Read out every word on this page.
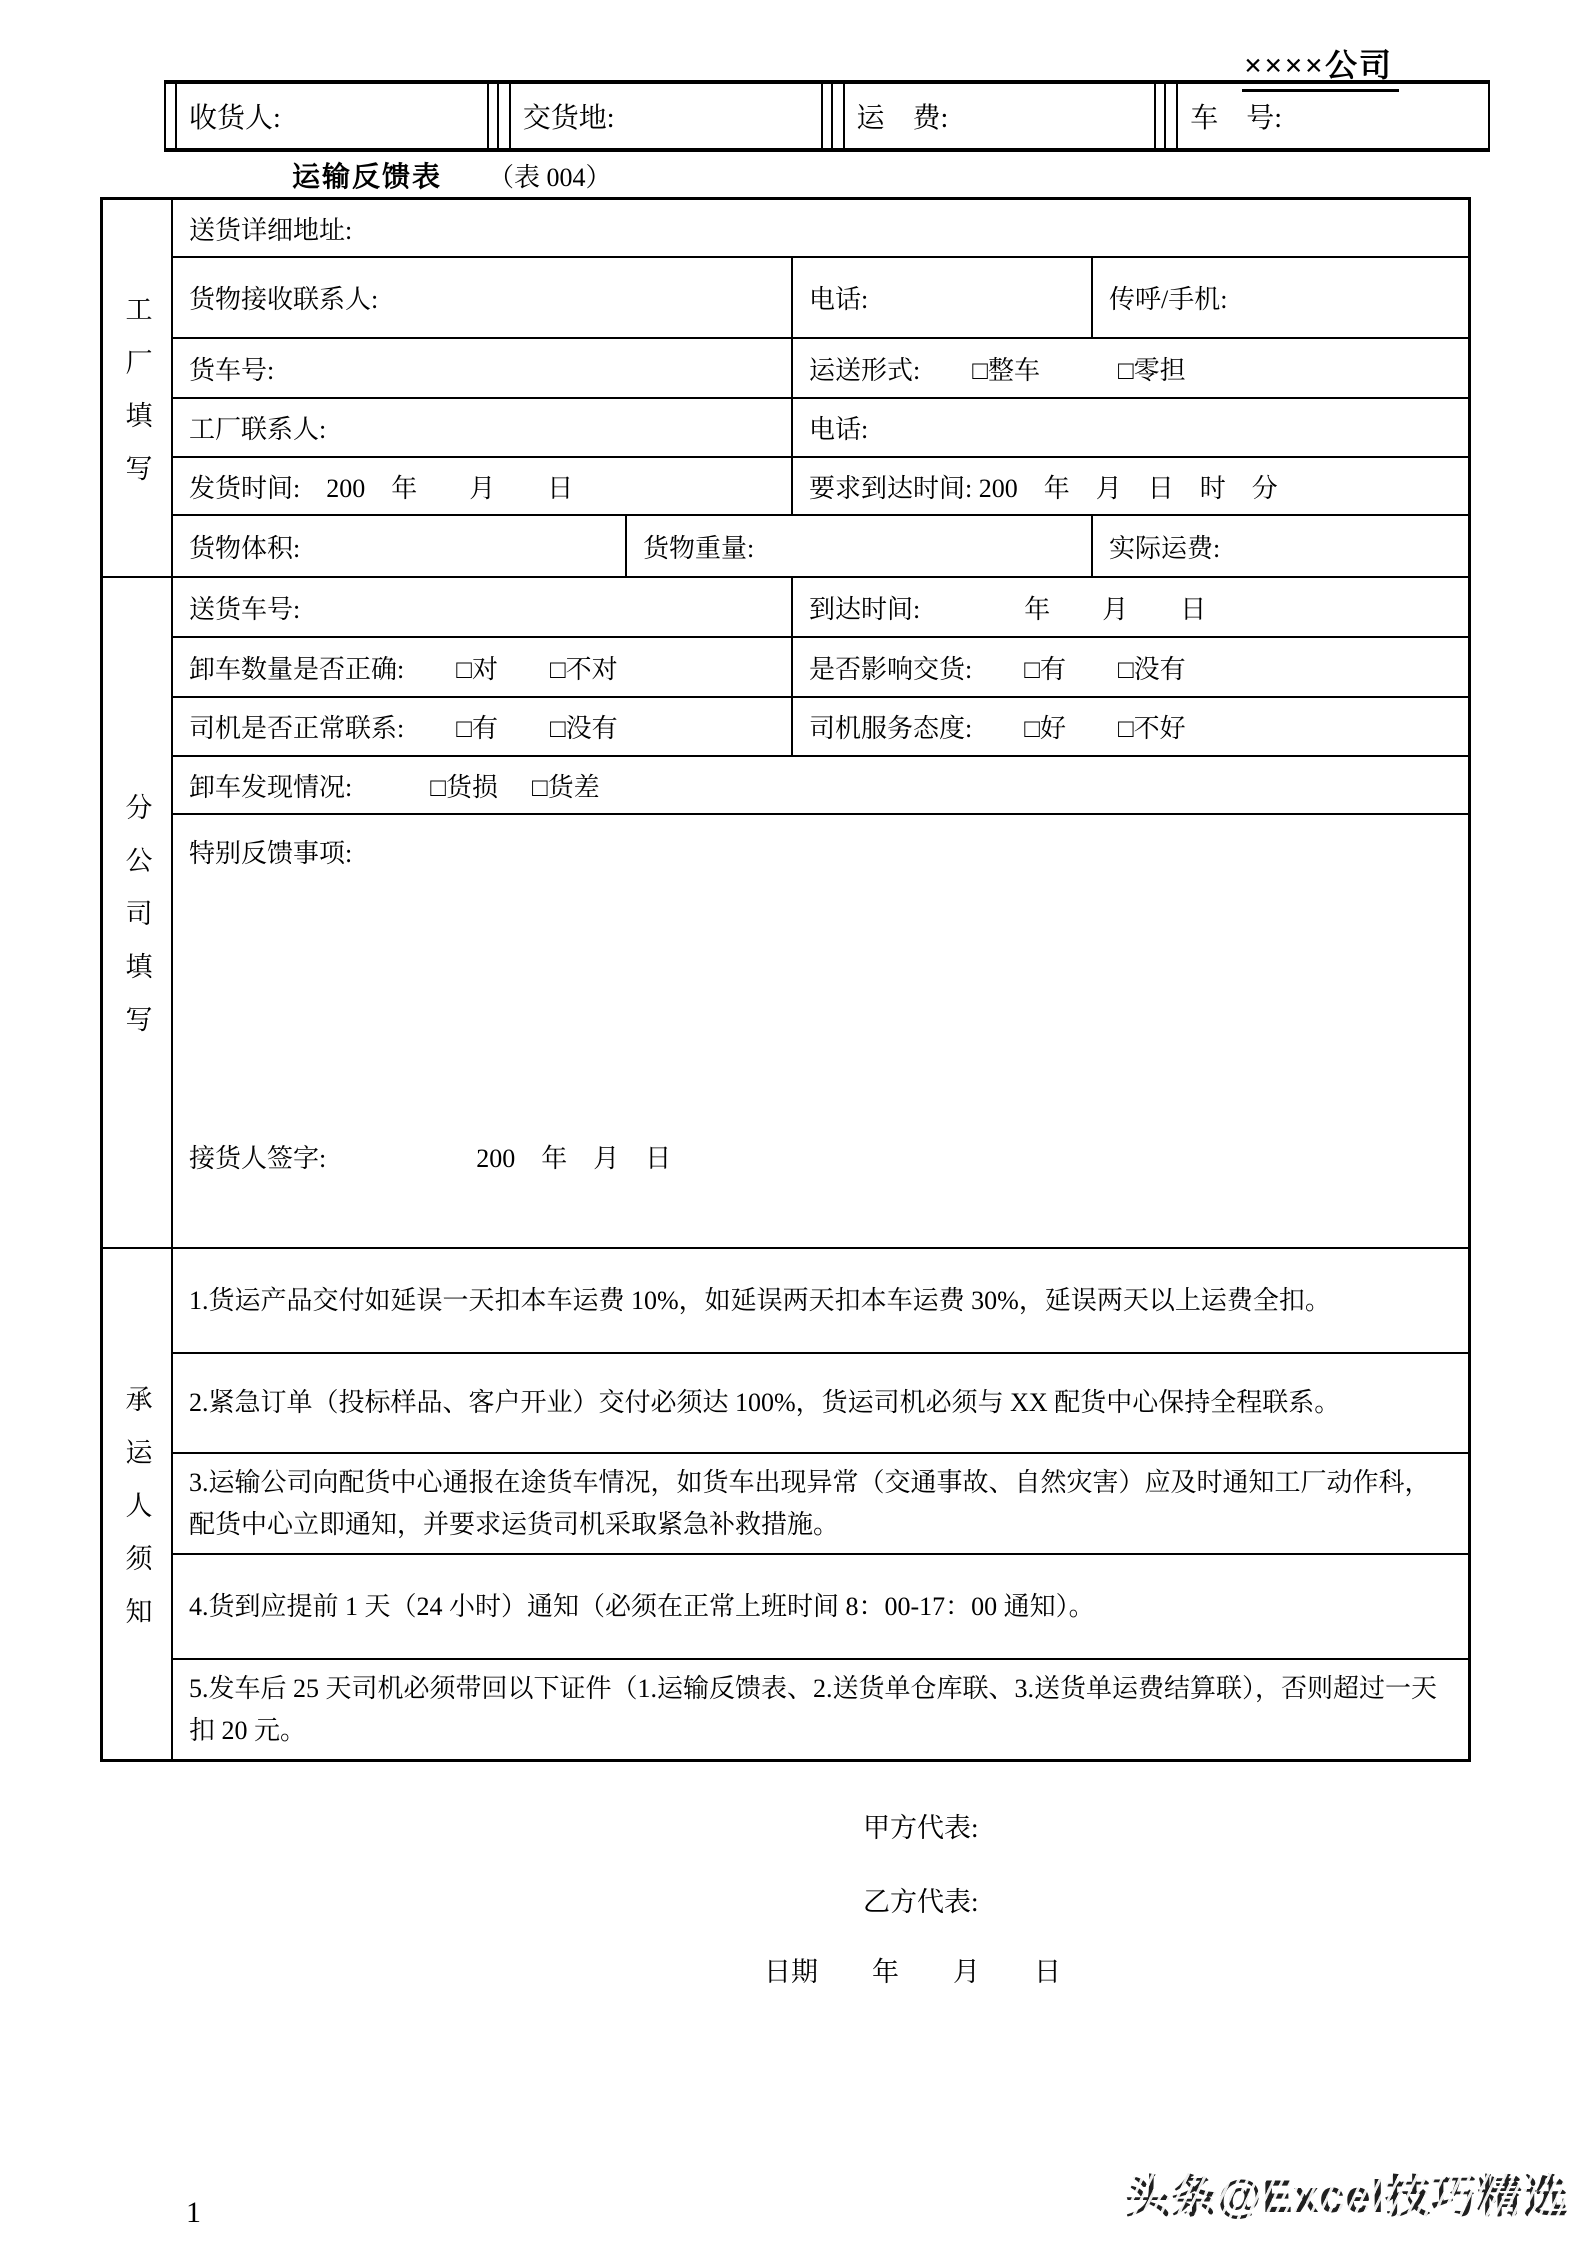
××××公司
收货人:	交货地:	运　费:	车　号:
运输反馈表 （表 004）
工厂填写
送货详细地址:
货物接收联系人:	电话:	传呼/手机:
货车号:	运送形式: □整车	□零担
工厂联系人:	电话:
发货时间:　200　年　　月　　日	要求到达时间: 200　年　月　日　时　分
货物体积:	货物重量:	实际运费:
分公司填写
送货车号:	到达时间:　　　　年　　月　　日
卸车数量是否正确: □对 □不对	是否影响交货: □有 □没有
司机是否正常联系: □有 □没有	司机服务态度: □好 □不好
卸车发现情况:	□货损 □货差
特别反馈事项:
接货人签字:	200　年　月　日
承运人须知
1.货运产品交付如延误一天扣本车运费 10%，如延误两天扣本车运费 30%，延误两天以上运费全扣。
2.紧急订单（投标样品、客户开业）交付必须达 100%，货运司机必须与 XX 配货中心保持全程联系。
3.运输公司向配货中心通报在途货车情况，如货车出现异常（交通事故、自然灾害）应及时通知工厂动作科，配货中心立即通知，并要求运货司机采取紧急补救措施。
4.货到应提前 1 天（24 小时）通知（必须在正常上班时间 8：00-17：00 通知）。
5.发车后 25 天司机必须带回以下证件（1.运输反馈表、2.送货单仓库联、3.送货单运费结算联），否则超过一天扣 20 元。
甲方代表:
乙方代表:
日期　　年　　月　　日
1	头条@Excel技巧精选
